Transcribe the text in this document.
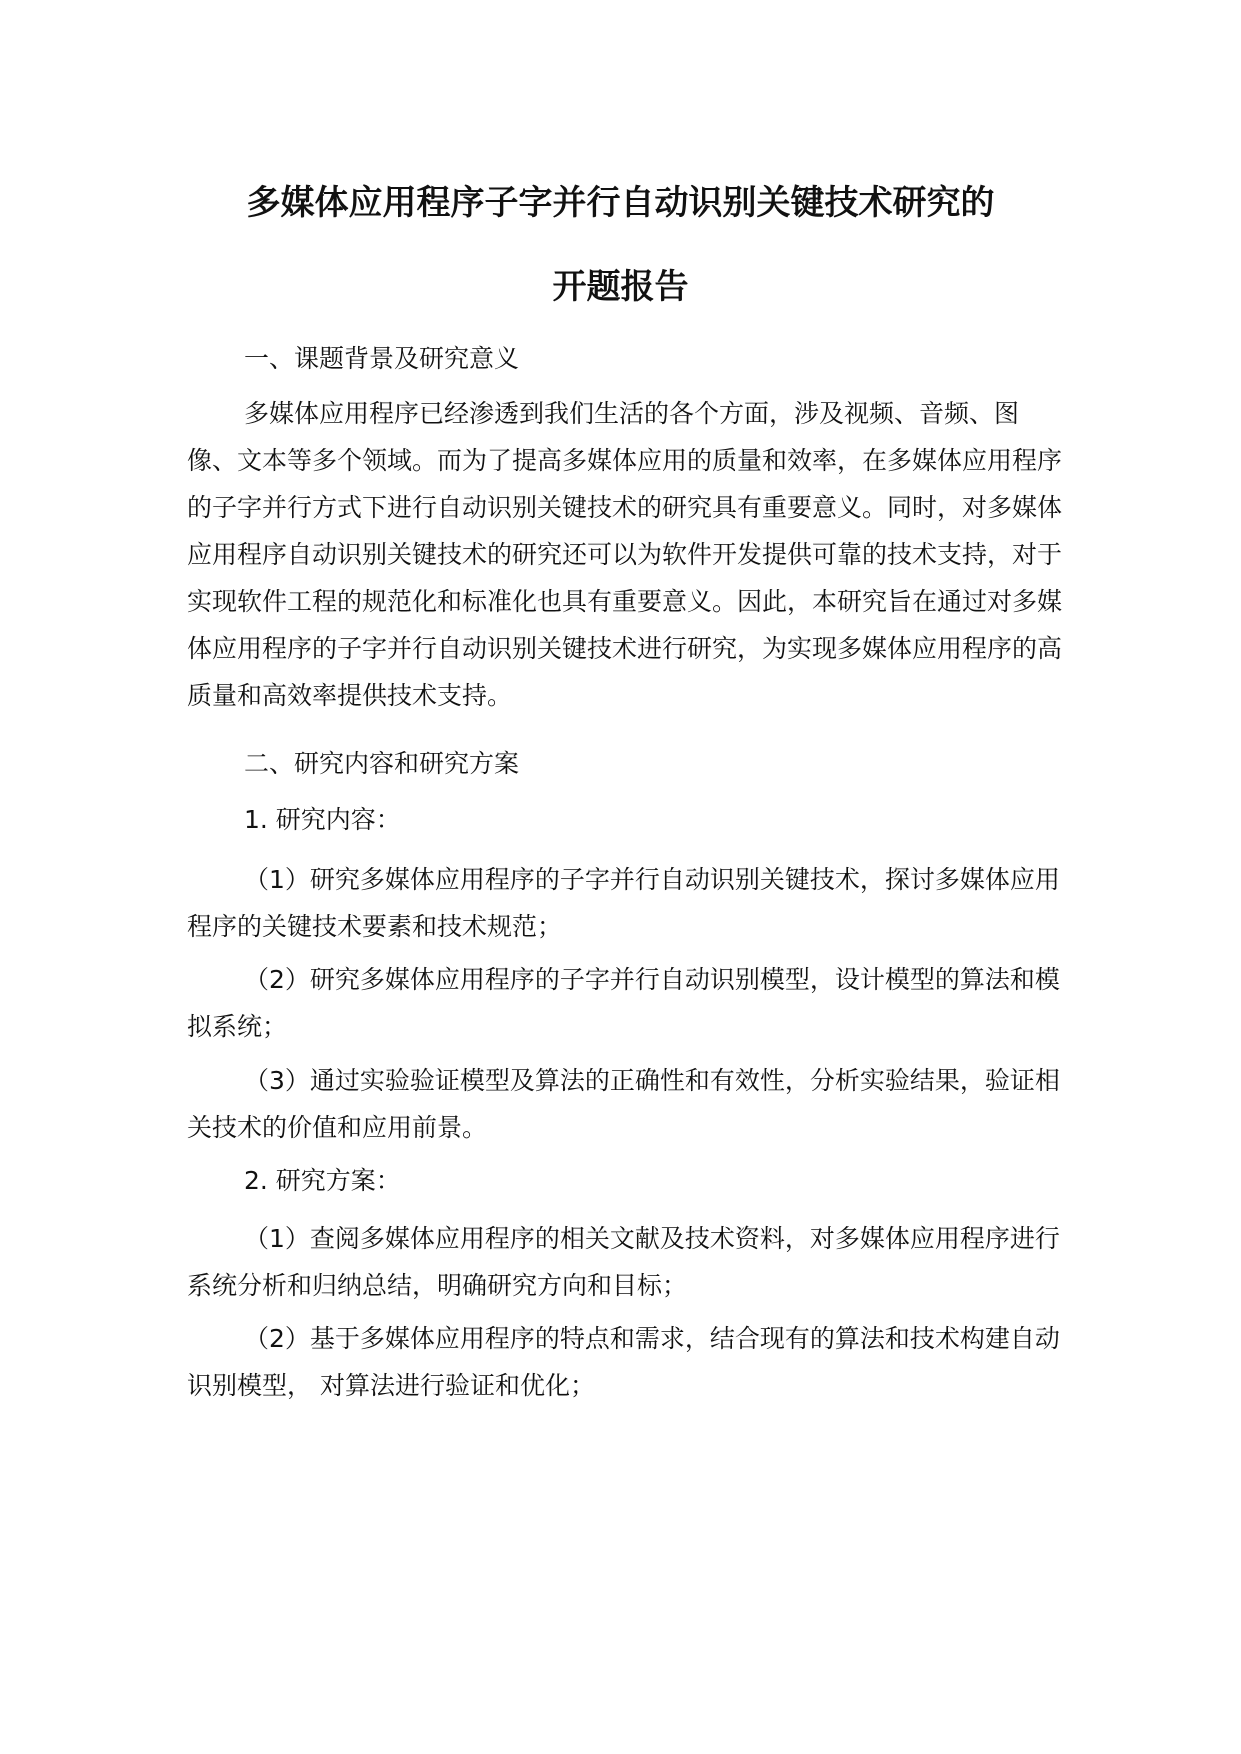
多媒体应用程序子字并行自动识别关键技术研究的
开题报告

一、课题背景及研究意义

多媒体应用程序已经渗透到我们生活的各个方面，涉及视频、音频、图像、文本等多个领域。而为了提高多媒体应用的质量和效率，在多媒体应用程序的子字并行方式下进行自动识别关键技术的研究具有重要意义。同时，对多媒体应用程序自动识别关键技术的研究还可以为软件开发提供可靠的技术支持，对于实现软件工程的规范化和标准化也具有重要意义。因此，本研究旨在通过对多媒体应用程序的子字并行自动识别关键技术进行研究，为实现多媒体应用程序的高质量和高效率提供技术支持。

二、研究内容和研究方案

1. 研究内容：

（1）研究多媒体应用程序的子字并行自动识别关键技术，探讨多媒体应用程序的关键技术要素和技术规范；

（2）研究多媒体应用程序的子字并行自动识别模型，设计模型的算法和模拟系统；

（3）通过实验验证模型及算法的正确性和有效性，分析实验结果，验证相关技术的价值和应用前景。

2. 研究方案：

（1）查阅多媒体应用程序的相关文献及技术资料，对多媒体应用程序进行系统分析和归纳总结，明确研究方向和目标；

（2）基于多媒体应用程序的特点和需求，结合现有的算法和技术构建自动识别模型， 对算法进行验证和优化；
